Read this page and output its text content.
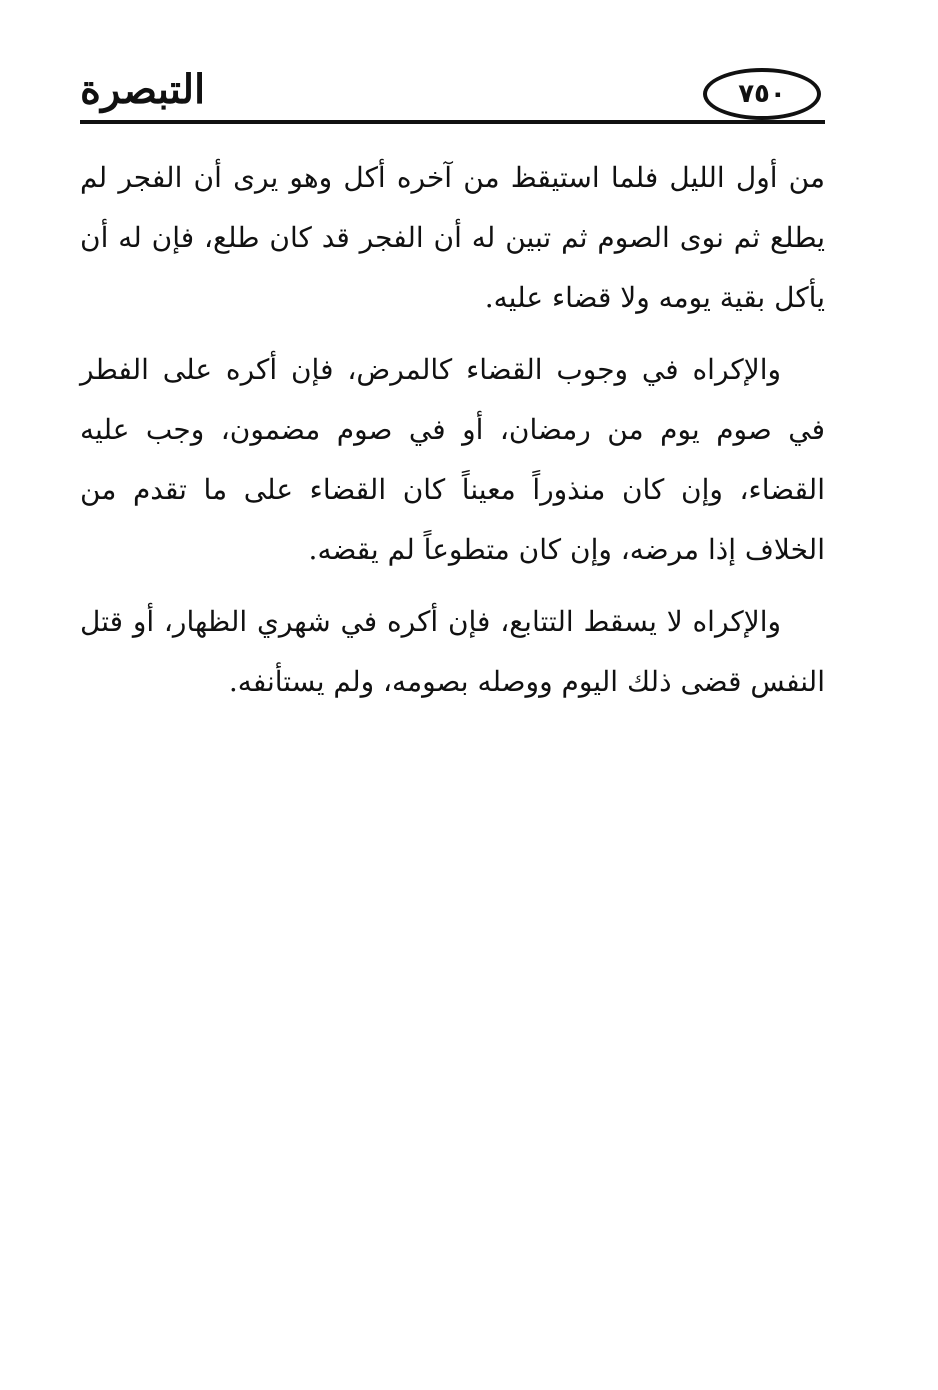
التبصرة	٧٥٠

من أول الليل فلما استيقظ من آخره أكل وهو يرى أن الفجر لم يطلع ثم نوى الصوم ثم تبين له أن الفجر قد كان طلع، فإن له أن يأكل بقية يومه ولا قضاء عليه.

والإكراه في وجوب القضاء كالمرض، فإن أكره على الفطر في صوم يوم من رمضان، أو في صوم مضمون، وجب عليه القضاء، وإن كان منذوراً معيناً كان القضاء على ما تقدم من الخلاف إذا مرضه، وإن كان متطوعاً لم يقضه.

والإكراه لا يسقط التتابع، فإن أكره في شهري الظهار، أو قتل النفس قضى ذلك اليوم ووصله بصومه، ولم يستأنفه.
